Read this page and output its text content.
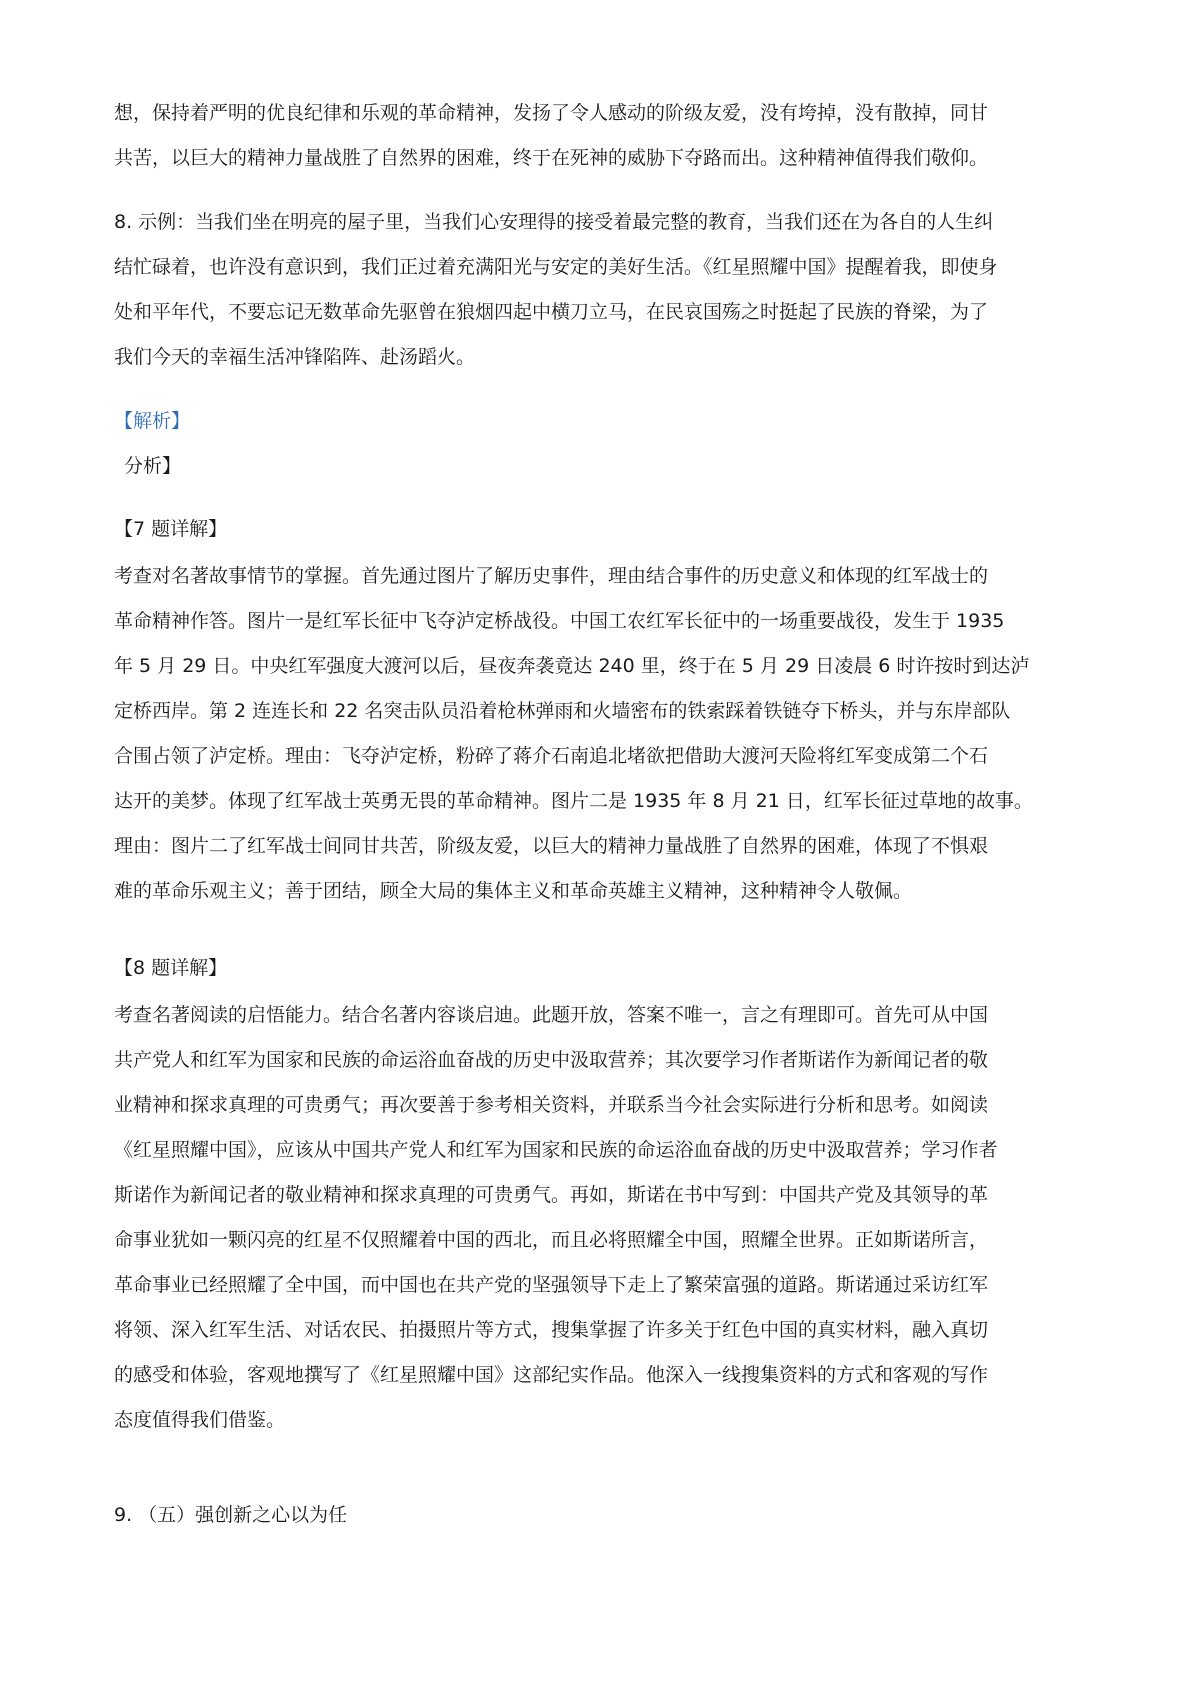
想，保持着严明的优良纪律和乐观的革命精神，发扬了令人感动的阶级友爱，没有垮掉，没有散掉，同甘
共苦，以巨大的精神力量战胜了自然界的困难，终于在死神的威胁下夺路而出。这种精神值得我们敬仰。
8. 示例：当我们坐在明亮的屋子里，当我们心安理得的接受着最完整的教育，当我们还在为各自的人生纠
结忙碌着，也许没有意识到，我们正过着充满阳光与安定的美好生活。《红星照耀中国》提醒着我，即使身
处和平年代，不要忘记无数革命先驱曾在狼烟四起中横刀立马，在民哀国殇之时挺起了民族的脊梁，为了
我们今天的幸福生活冲锋陷阵、赴汤蹈火。
【解析】
分析】
【7 题详解】
考查对名著故事情节的掌握。首先通过图片了解历史事件，理由结合事件的历史意义和体现的红军战士的
革命精神作答。图片一是红军长征中飞夺泸定桥战役。中国工农红军长征中的一场重要战役，发生于 1935
年 5 月 29 日。中央红军强度大渡河以后，昼夜奔袭竟达 240 里，终于在 5 月 29 日凌晨 6 时许按时到达泸
定桥西岸。第 2 连连长和 22 名突击队员沿着枪林弹雨和火墙密布的铁索踩着铁链夺下桥头，并与东岸部队
合围占领了泸定桥。理由：飞夺泸定桥，粉碎了蒋介石南追北堵欲把借助大渡河天险将红军变成第二个石
达开的美梦。体现了红军战士英勇无畏的革命精神。图片二是 1935 年 8 月 21 日，红军长征过草地的故事。
理由：图片二了红军战士间同甘共苦，阶级友爱，以巨大的精神力量战胜了自然界的困难，体现了不惧艰
难的革命乐观主义；善于团结，顾全大局的集体主义和革命英雄主义精神，这种精神令人敬佩。
【8 题详解】
考查名著阅读的启悟能力。结合名著内容谈启迪。此题开放，答案不唯一，言之有理即可。首先可从中国
共产党人和红军为国家和民族的命运浴血奋战的历史中汲取营养；其次要学习作者斯诺作为新闻记者的敬
业精神和探求真理的可贵勇气；再次要善于参考相关资料，并联系当今社会实际进行分析和思考。如阅读
《红星照耀中国》，应该从中国共产党人和红军为国家和民族的命运浴血奋战的历史中汲取营养；学习作者
斯诺作为新闻记者的敬业精神和探求真理的可贵勇气。再如，斯诺在书中写到：中国共产党及其领导的革
命事业犹如一颗闪亮的红星不仅照耀着中国的西北，而且必将照耀全中国，照耀全世界。正如斯诺所言，
革命事业已经照耀了全中国，而中国也在共产党的坚强领导下走上了繁荣富强的道路。斯诺通过采访红军
将领、深入红军生活、对话农民、拍摄照片等方式，搜集掌握了许多关于红色中国的真实材料，融入真切
的感受和体验，客观地撰写了《红星照耀中国》这部纪实作品。他深入一线搜集资料的方式和客观的写作
态度值得我们借鉴。
9. （五）强创新之心以为任
